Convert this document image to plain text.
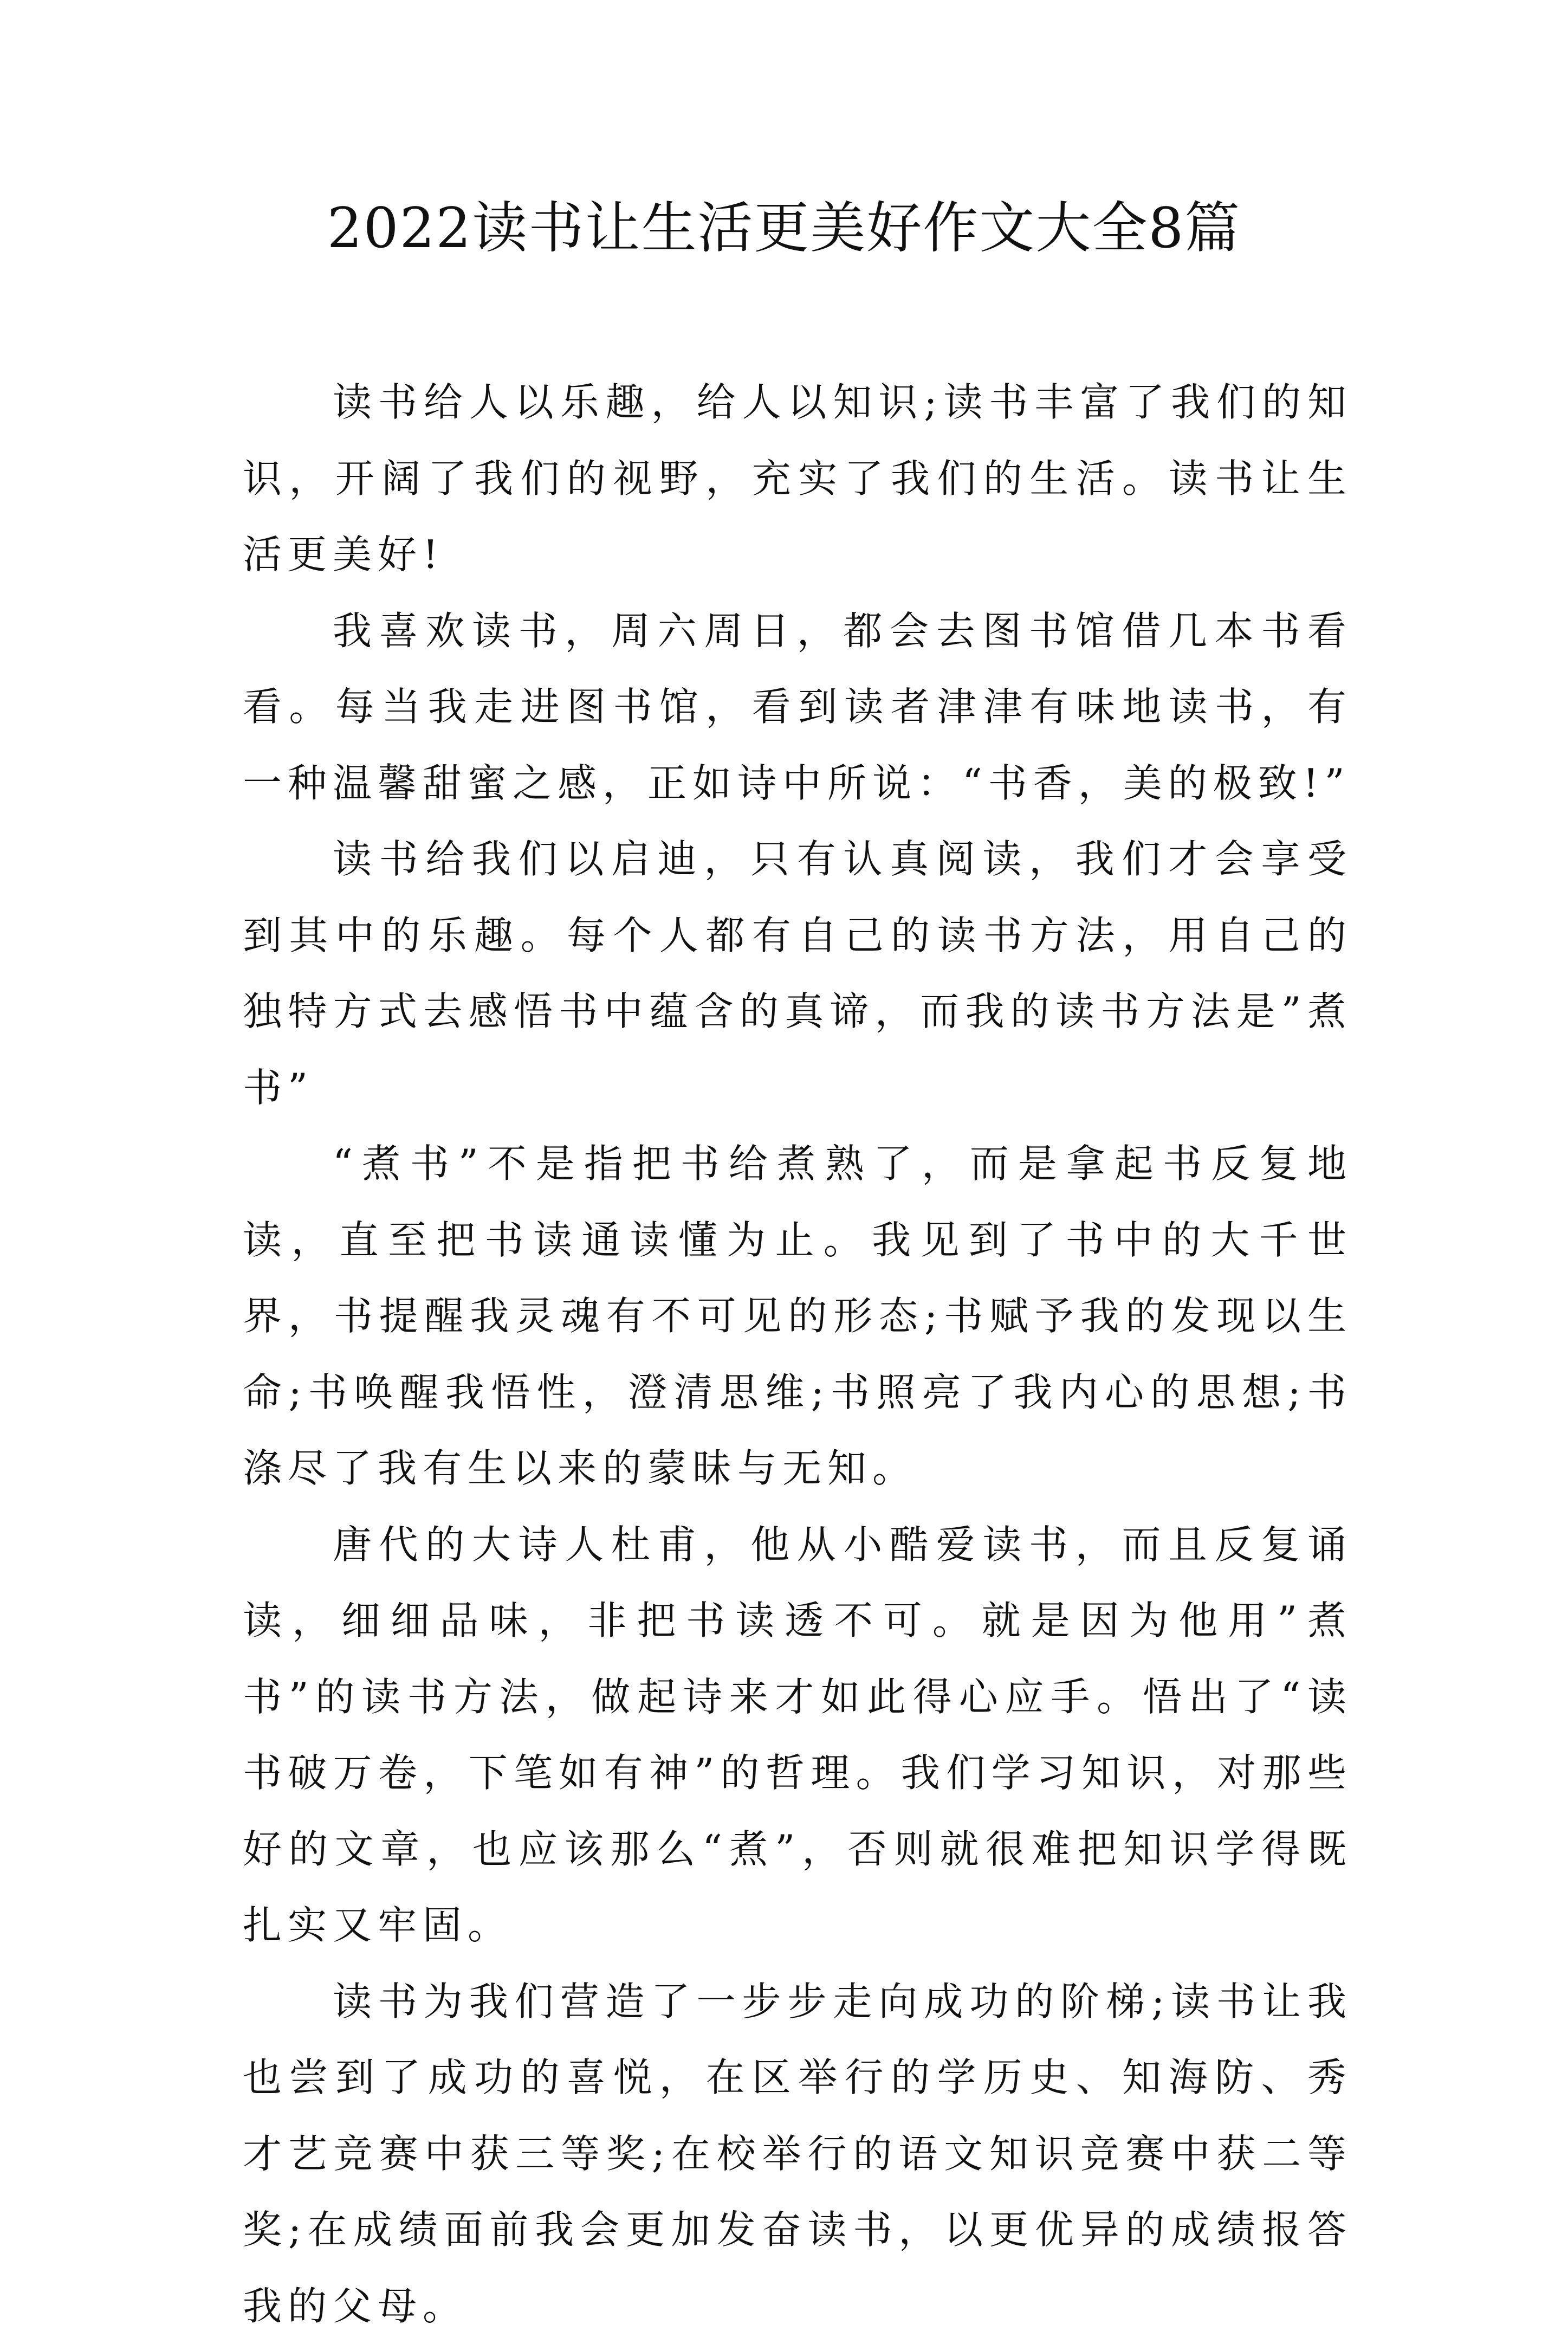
2022读书让生活更美好作文大全8篇

读书给人以乐趣，给人以知识;读书丰富了我们的知识，开阔了我们的视野，充实了我们的生活。读书让生活更美好!

我喜欢读书，周六周日，都会去图书馆借几本书看看。每当我走进图书馆，看到读者津津有味地读书，有一种温馨甜蜜之感，正如诗中所说：“书香，美的极致!”

读书给我们以启迪，只有认真阅读，我们才会享受到其中的乐趣。每个人都有自己的读书方法，用自己的独特方式去感悟书中蕴含的真谛，而我的读书方法是”煮书”

“煮书”不是指把书给煮熟了，而是拿起书反复地读，直至把书读通读懂为止。我见到了书中的大千世界，书提醒我灵魂有不可见的形态;书赋予我的发现以生命;书唤醒我悟性，澄清思维;书照亮了我内心的思想;书涤尽了我有生以来的蒙昧与无知。

唐代的大诗人杜甫，他从小酷爱读书，而且反复诵读，细细品味，非把书读透不可。就是因为他用”煮书”的读书方法，做起诗来才如此得心应手。悟出了“读书破万卷，下笔如有神”的哲理。我们学习知识，对那些好的文章，也应该那么“煮”，否则就很难把知识学得既扎实又牢固。

读书为我们营造了一步步走向成功的阶梯;读书让我也尝到了成功的喜悦，在区举行的学历史、知海防、秀才艺竞赛中获三等奖;在校举行的语文知识竞赛中获二等奖;在成绩面前我会更加发奋读书，以更优异的成绩报答我的父母。
